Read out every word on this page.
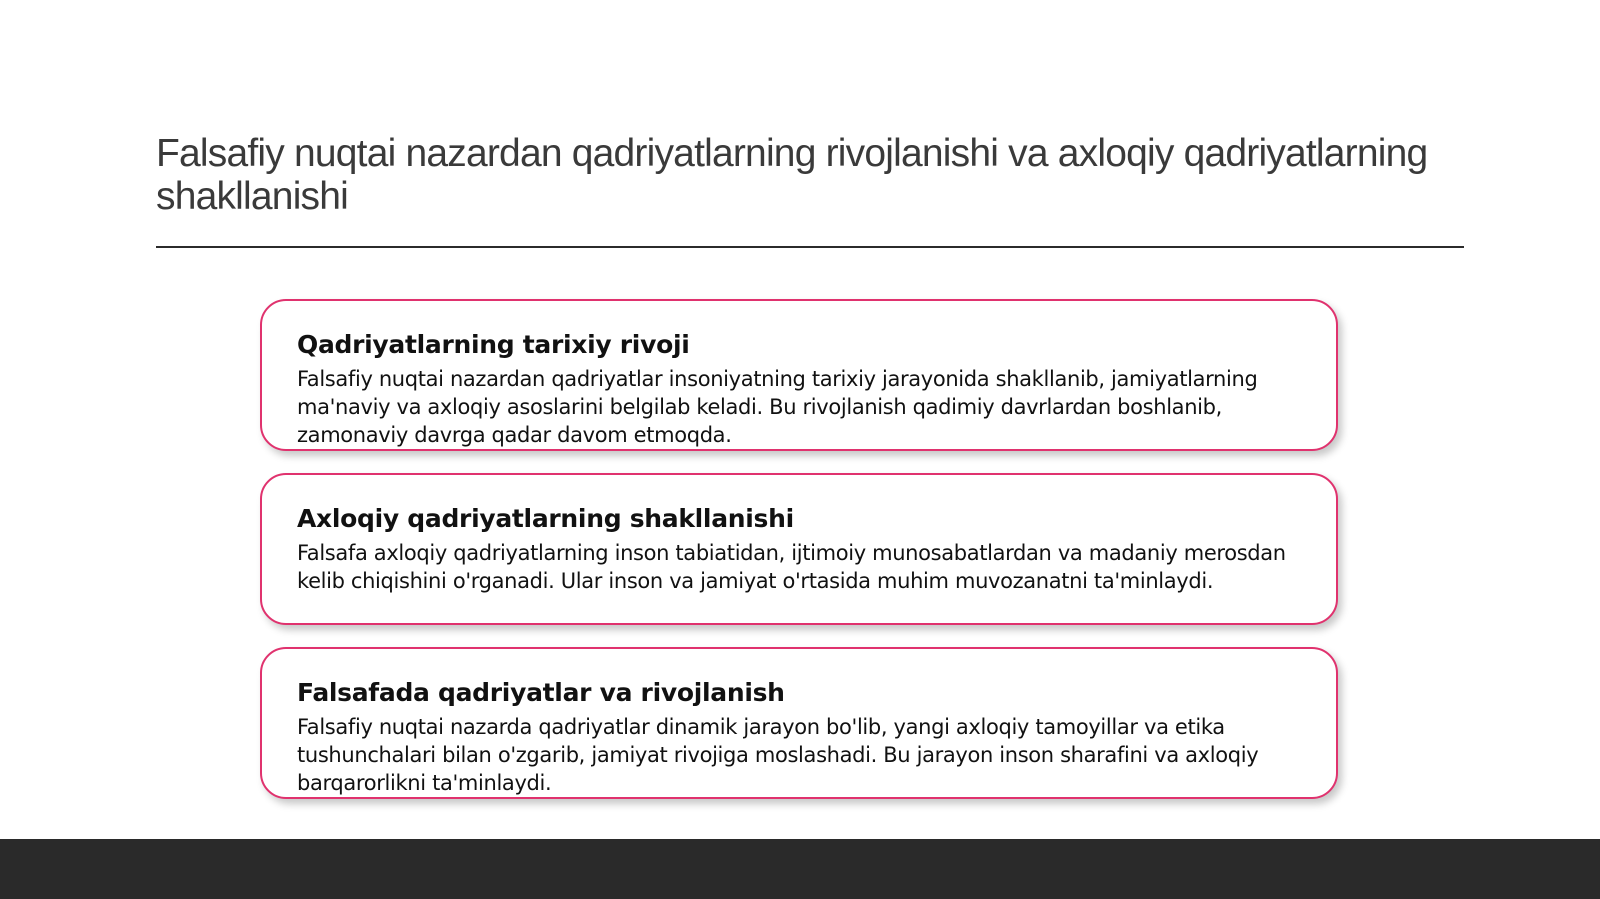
Falsafiy nuqtai nazardan qadriyatlarning rivojlanishi va axloqiy qadriyatlarning shakllanishi
Qadriyatlarning tarixiy rivoji

Falsafiy nuqtai nazardan qadriyatlar insoniyatning tarixiy jarayonida shakllanib, jamiyatlarning ma'naviy va axloqiy asoslarini belgilab keladi. Bu rivojlanish qadimiy davrlardan boshlanib, zamonaviy davrga qadar davom etmoqda.

Axloqiy qadriyatlarning shakllanishi

Falsafa axloqiy qadriyatlarning inson tabiatidan, ijtimoiy munosabatlardan va madaniy merosdan kelib chiqishini o'rganadi. Ular inson va jamiyat o'rtasida muhim muvozanatni ta'minlaydi.

Falsafada qadriyatlar va rivojlanish

Falsafiy nuqtai nazarda qadriyatlar dinamik jarayon bo'lib, yangi axloqiy tamoyillar va etika tushunchalari bilan o'zgarib, jamiyat rivojiga moslashadi. Bu jarayon inson sharafini va axloqiy barqarorlikni ta'minlaydi.
